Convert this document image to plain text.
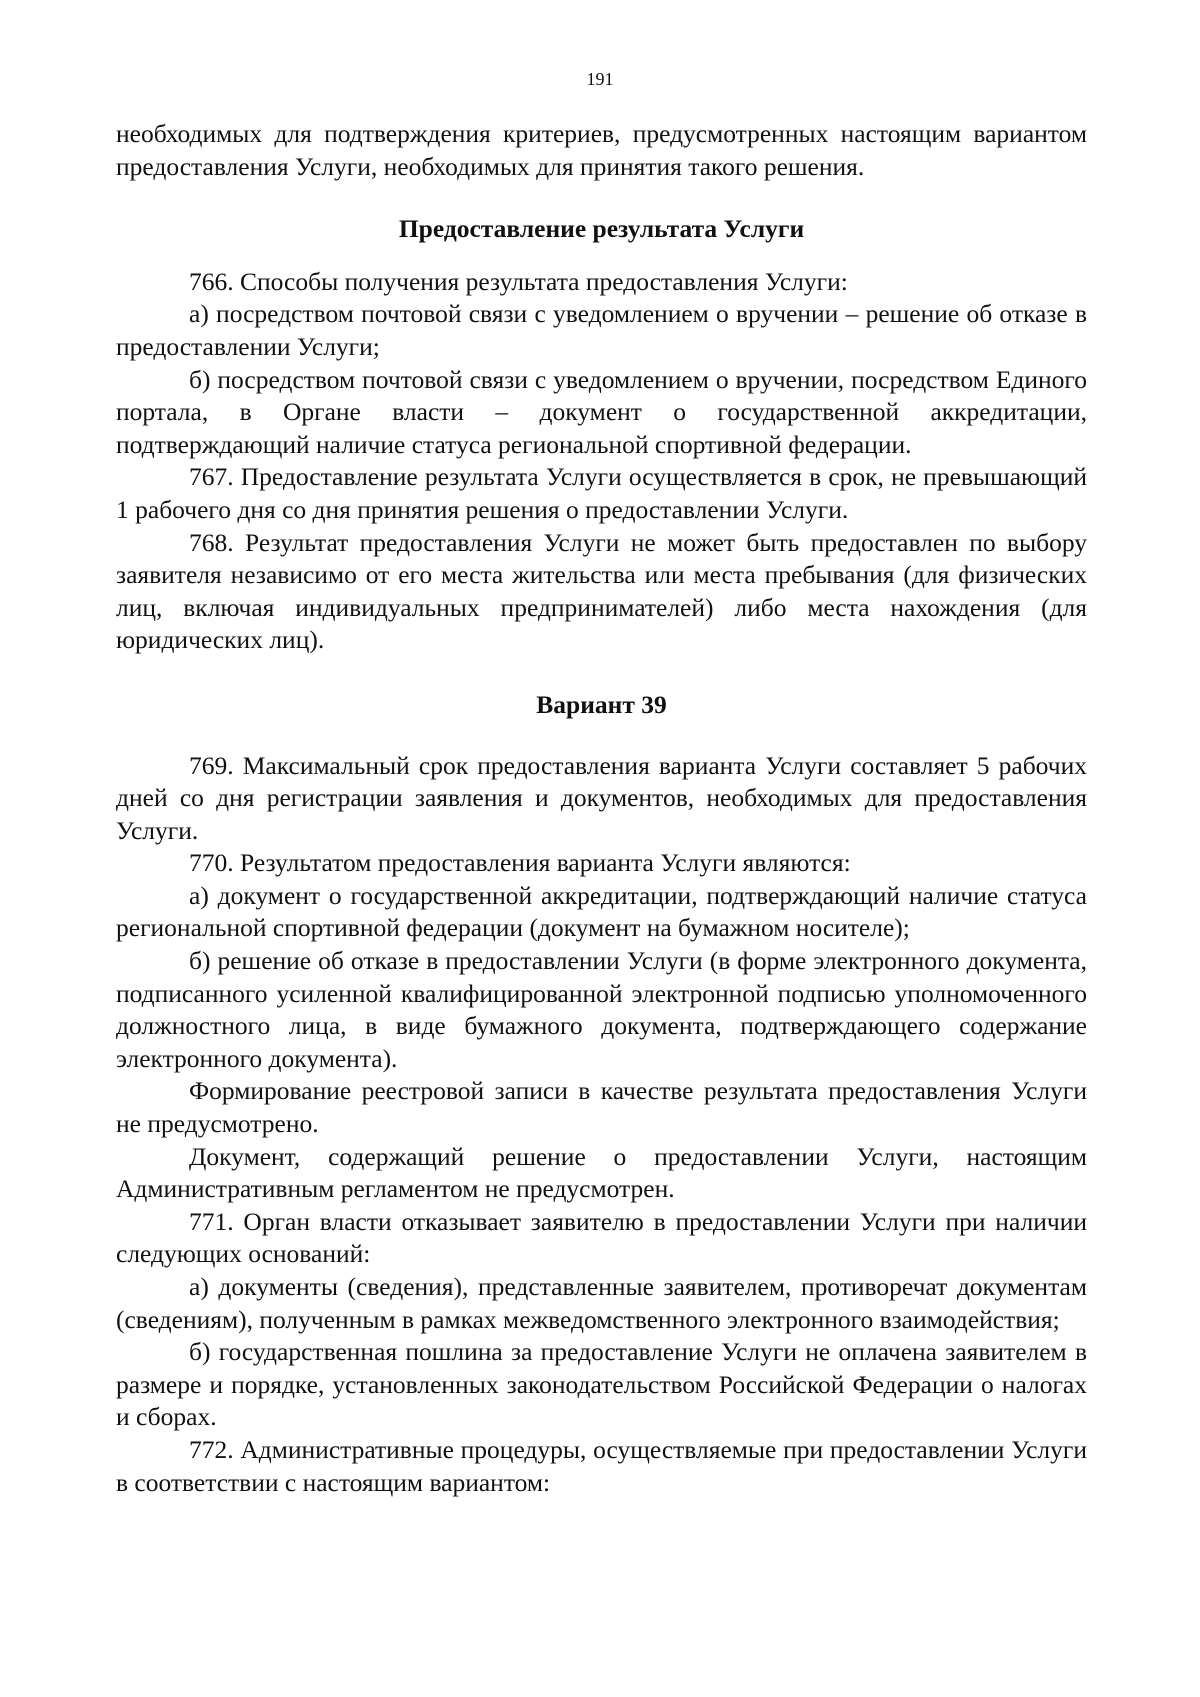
191

необходимых для подтверждения критериев, предусмотренных настоящим вариантом предоставления Услуги, необходимых для принятия такого решения.

Предоставление результата Услуги

766. Способы получения результата предоставления Услуги:

а) посредством почтовой связи с уведомлением о вручении – решение об отказе в предоставлении Услуги;

б) посредством почтовой связи с уведомлением о вручении, посредством Единого портала, в Органе власти – документ о государственной аккредитации, подтверждающий наличие статуса региональной спортивной федерации.

767. Предоставление результата Услуги осуществляется в срок, не превышающий 1 рабочего дня со дня принятия решения о предоставлении Услуги.

768. Результат предоставления Услуги не может быть предоставлен по выбору заявителя независимо от его места жительства или места пребывания (для физических лиц, включая индивидуальных предпринимателей) либо места нахождения (для юридических лиц).

Вариант 39

769. Максимальный срок предоставления варианта Услуги составляет 5 рабочих дней со дня регистрации заявления и документов, необходимых для предоставления Услуги.

770. Результатом предоставления варианта Услуги являются:

а) документ о государственной аккредитации, подтверждающий наличие статуса региональной спортивной федерации (документ на бумажном носителе);

б) решение об отказе в предоставлении Услуги (в форме электронного документа, подписанного усиленной квалифицированной электронной подписью уполномоченного должностного лица, в виде бумажного документа, подтверждающего содержание электронного документа).

Формирование реестровой записи в качестве результата предоставления Услуги не предусмотрено.

Документ, содержащий решение о предоставлении Услуги, настоящим Административным регламентом не предусмотрен.

771. Орган власти отказывает заявителю в предоставлении Услуги при наличии следующих оснований:

а) документы (сведения), представленные заявителем, противоречат документам (сведениям), полученным в рамках межведомственного электронного взаимодействия;

б) государственная пошлина за предоставление Услуги не оплачена заявителем в размере и порядке, установленных законодательством Российской Федерации о налогах и сборах.

772. Административные процедуры, осуществляемые при предоставлении Услуги в соответствии с настоящим вариантом:
